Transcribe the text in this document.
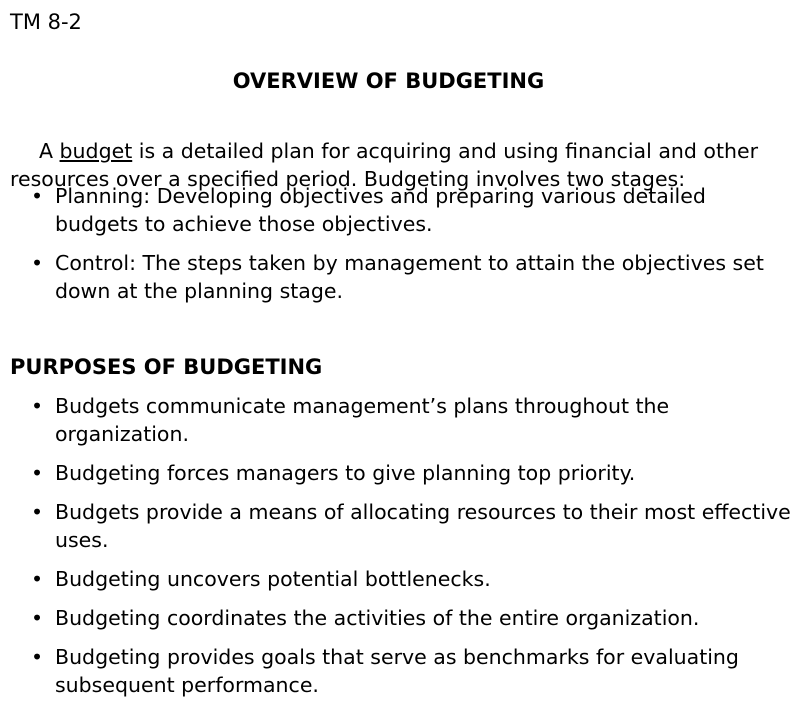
TM 8-2
OVERVIEW OF BUDGETING

A budget is a detailed plan for acquiring and using financial and other resources over a specified period. Budgeting involves two stages:

• Planning: Developing objectives and preparing various detailed budgets to achieve those objectives.
• Control: The steps taken by management to attain the objectives set down at the planning stage.
PURPOSES OF BUDGETING
• Budgets communicate management’s plans throughout the organization.
• Budgeting forces managers to give planning top priority.
• Budgets provide a means of allocating resources to their most effective uses.
• Budgeting uncovers potential bottlenecks.
• Budgeting coordinates the activities of the entire organization.
• Budgeting provides goals that serve as benchmarks for evaluating subsequent performance.
